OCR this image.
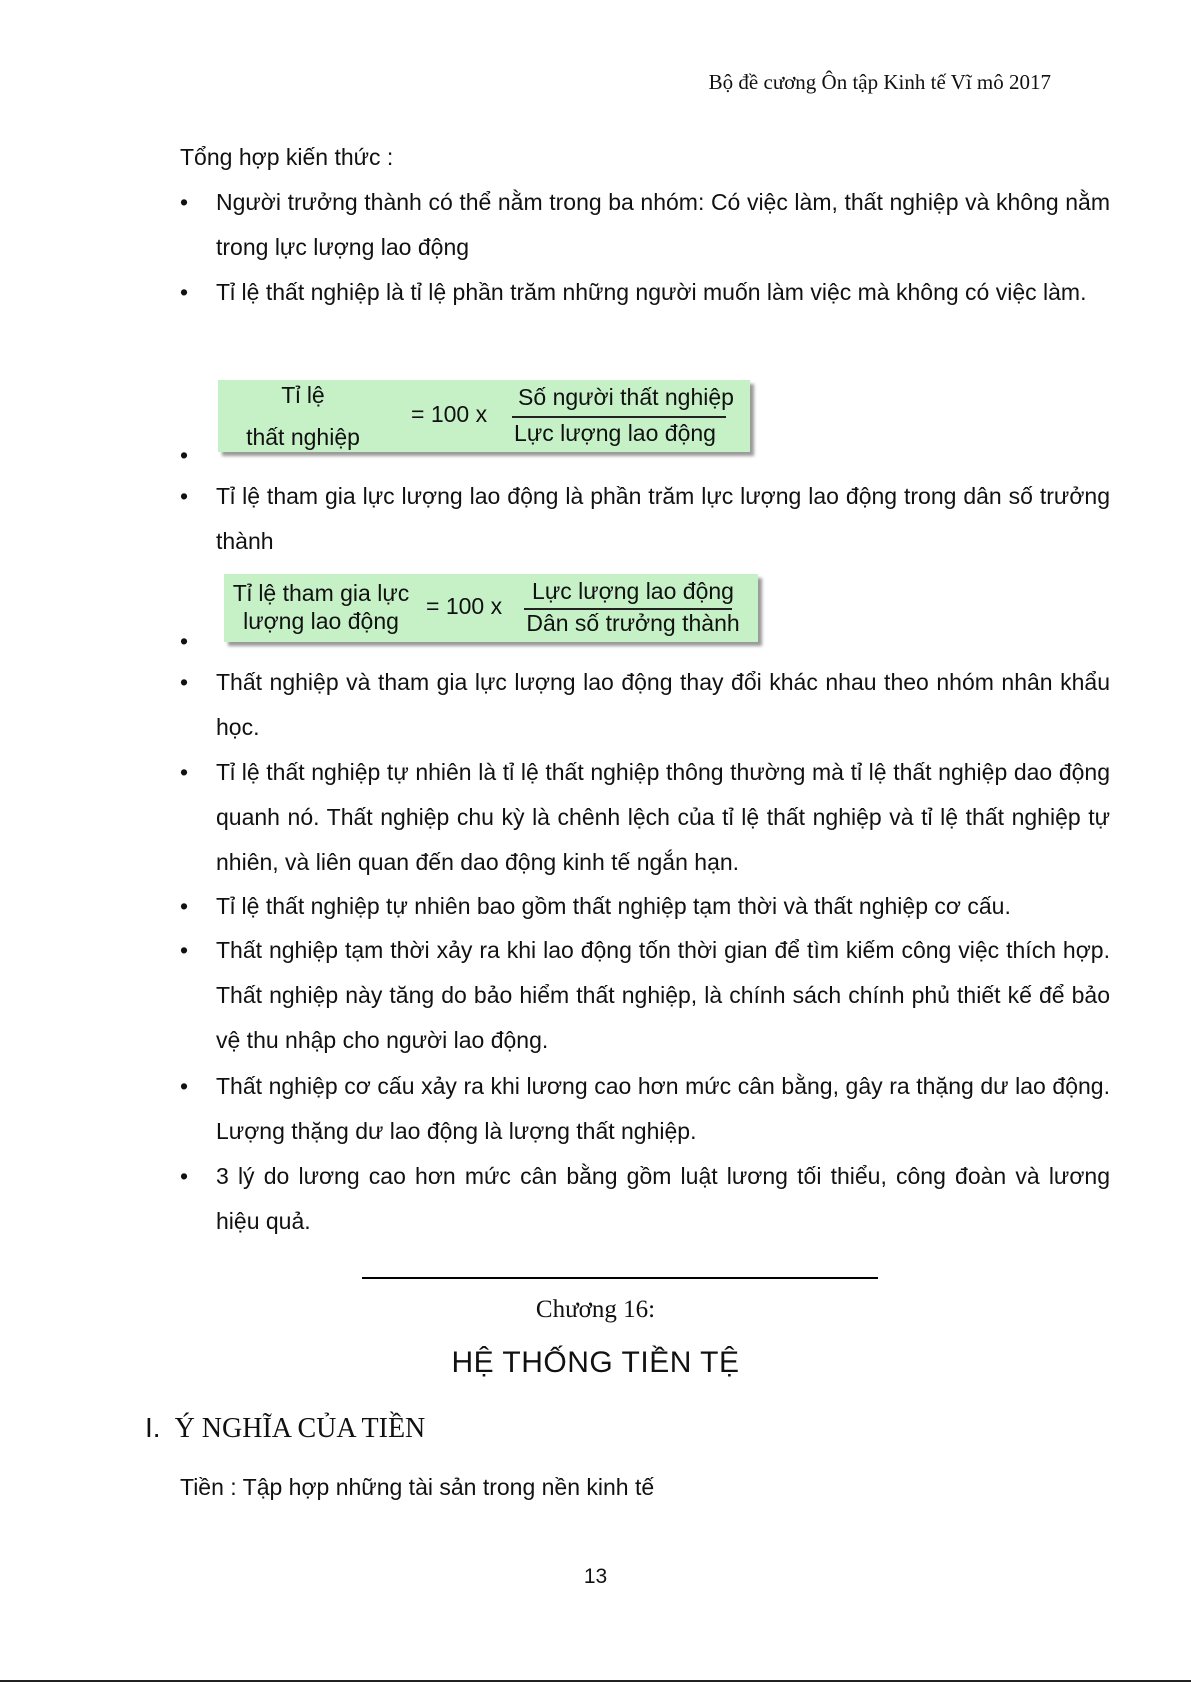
Bộ đề cương Ôn tập Kinh tế Vĩ mô 2017
Tổng hợp kiến thức :
•	Người trưởng thành có thể nằm trong ba nhóm: Có việc làm, thất nghiệp và không nằm trong lực lượng lao động
•	Tỉ lệ thất nghiệp là tỉ lệ phần trăm những người muốn làm việc mà không có việc làm.
Tỉ lệ
thất nghiệp
= 100 x
Số người thất nghiệp
Lực lượng lao động
•
•	Tỉ lệ tham gia lực lượng lao động là phần trăm lực lượng lao động trong dân số trưởng thành
Tỉ lệ tham gia lực
lượng lao động
= 100 x
Lực lượng lao động
Dân số trưởng thành
•
•	Thất nghiệp và tham gia lực lượng lao động thay đổi khác nhau theo nhóm nhân khẩu học.
•	Tỉ lệ thất nghiệp tự nhiên là tỉ lệ thất nghiệp thông thường mà tỉ lệ thất nghiệp dao động quanh nó. Thất nghiệp chu kỳ là chênh lệch của tỉ lệ thất nghiệp và tỉ lệ thất nghiệp tự nhiên, và liên quan đến dao động kinh tế ngắn hạn.
•	Tỉ lệ thất nghiệp tự nhiên bao gồm thất nghiệp tạm thời và thất nghiệp cơ cấu.
•	Thất nghiệp tạm thời xảy ra khi lao động tốn thời gian để tìm kiếm công việc thích hợp. Thất nghiệp này tăng do bảo hiểm thất nghiệp, là chính sách chính phủ thiết kế để bảo vệ thu nhập cho người lao động.
•	Thất nghiệp cơ cấu xảy ra khi lương cao hơn mức cân bằng, gây ra thặng dư lao động. Lượng thặng dư lao động là lượng thất nghiệp.
•	3 lý do lương cao hơn mức cân bằng gồm luật lương tối thiểu, công đoàn và lương hiệu quả.
Chương 16:
HỆ THỐNG TIỀN TỆ
I. Ý NGHĨA CỦA TIỀN
Tiền : Tập hợp những tài sản trong nền kinh tế
13
